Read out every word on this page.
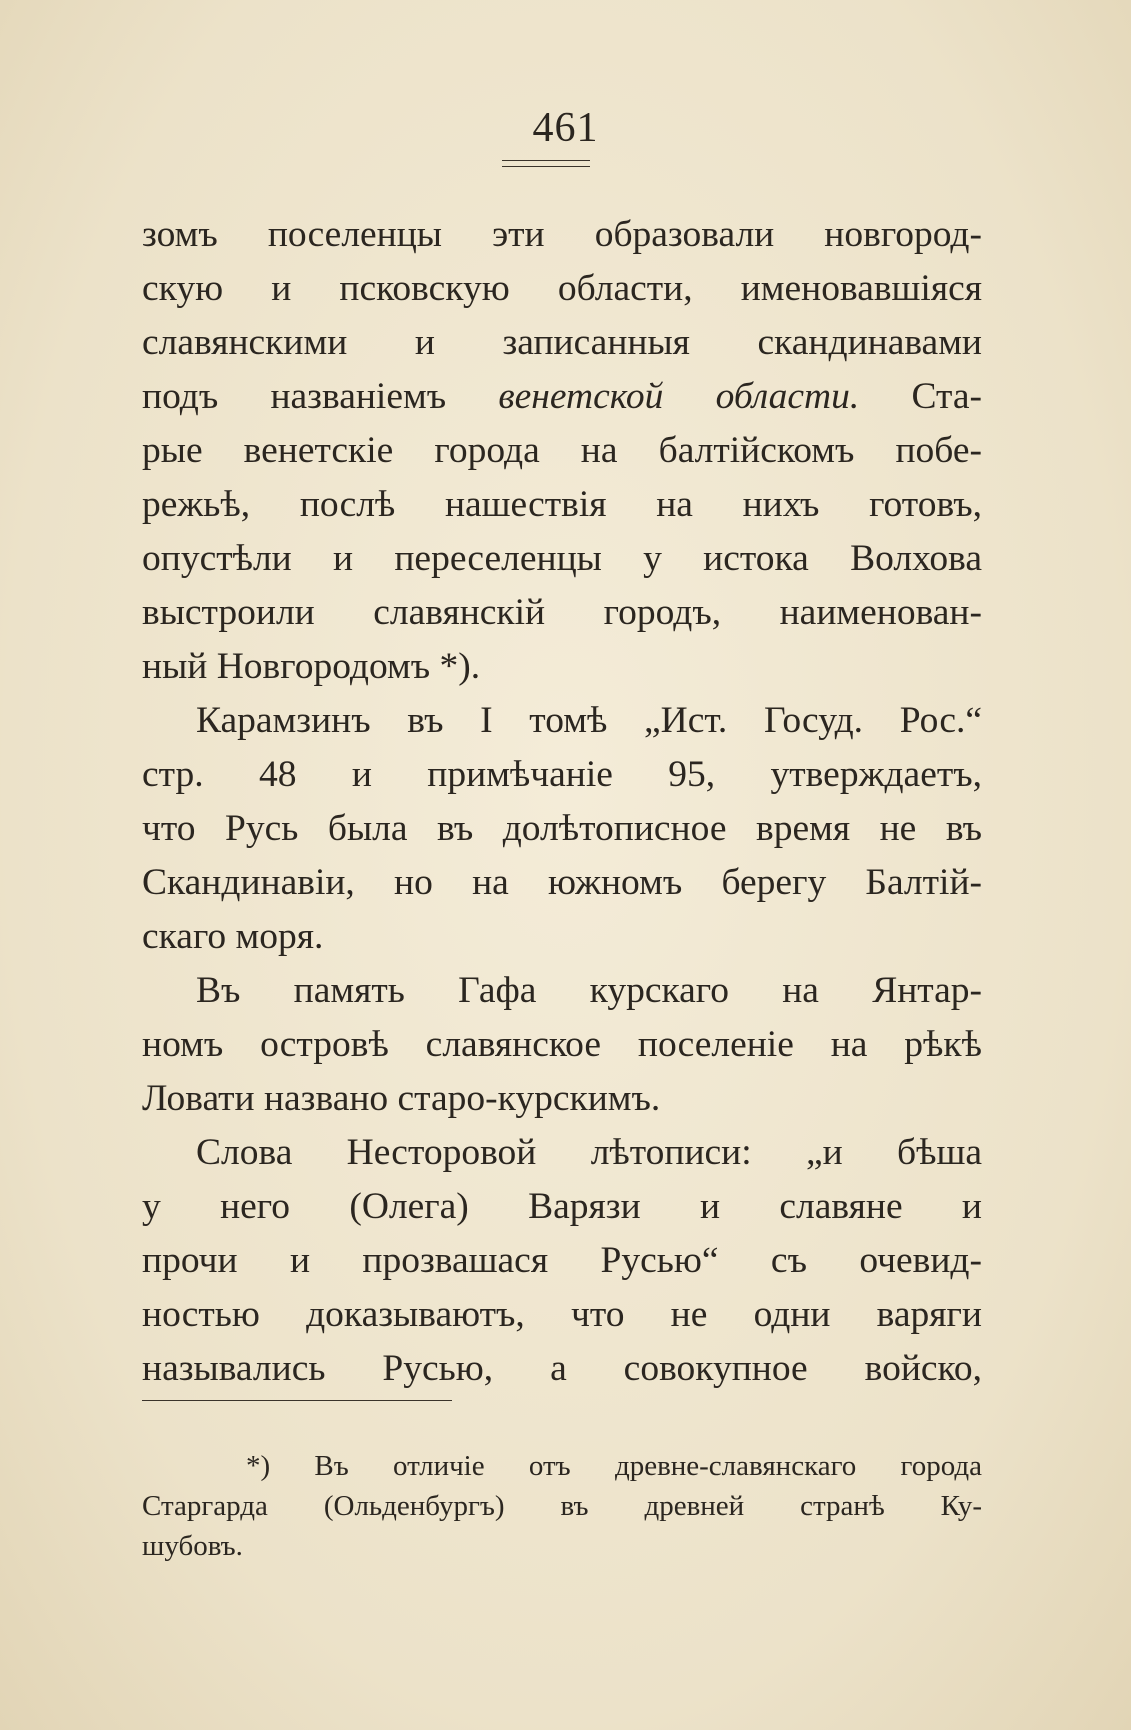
461
зомъ поселенцы эти образовали новгород-
скую и псковскую области, именовавшіяся
славянскими и записанныя скандинавами
подъ названіемъ венетской области. Ста-
рые венетскіе города на балтійскомъ побе-
режьѣ, послѣ нашествія на нихъ готовъ,
опустѣли и переселенцы у истока Волхова
выстроили славянскій городъ, наименован-
ный Новгородомъ *).
Карамзинъ въ I томѣ „Ист. Госуд. Рос.“
стр. 48 и примѣчаніе 95, утверждаетъ,
что Русь была въ долѣтописное время не въ
Скандинавіи, но на южномъ берегу Балтій-
скаго моря.
Въ память Гафа курскаго на Янтар-
номъ островѣ славянское поселеніе на рѣкѣ
Ловати названо старо-курскимъ.
Слова Несторовой лѣтописи: „и бѣша
у него (Олега) Варязи и славяне и
прочи и прозвашася Русью“ съ очевид-
ностью доказываютъ, что не одни варяги
назывались Русью, а совокупное войско,
*) Въ отличіе отъ древне-славянскаго города
Старгарда (Ольденбургъ) въ древней странѣ Ку-
шубовъ.
